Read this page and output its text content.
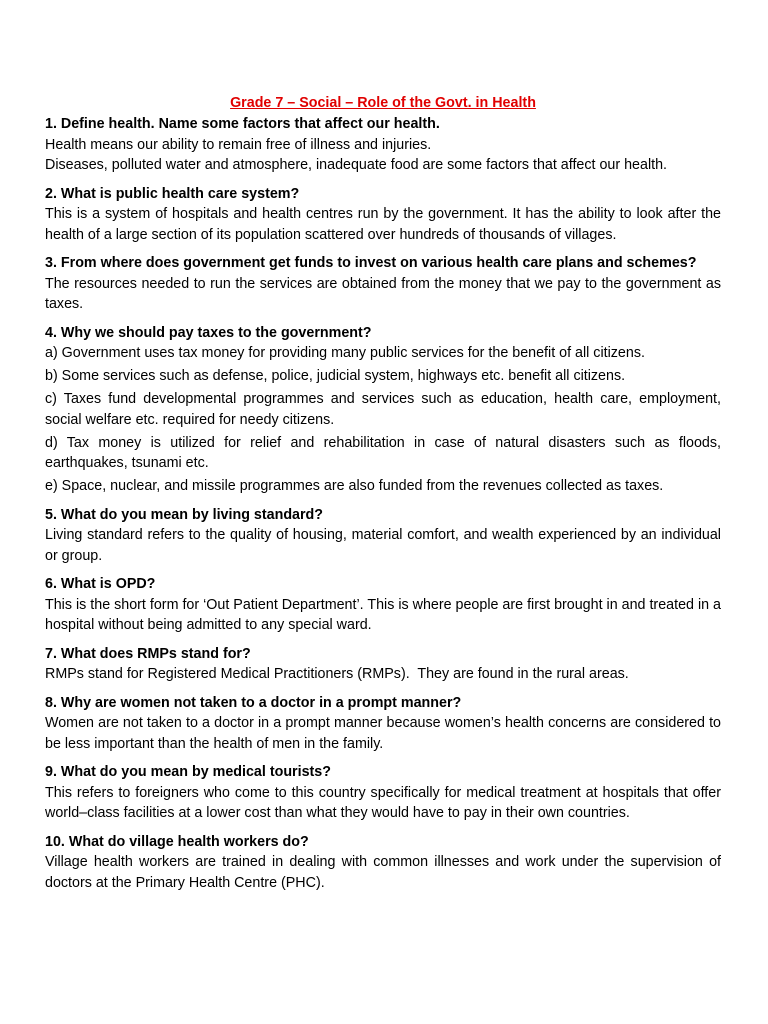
Grade 7 – Social – Role of the Govt. in Health

1. Define health. Name some factors that affect our health.

Health means our ability to remain free of illness and injuries.

Diseases, polluted water and atmosphere, inadequate food are some factors that affect our health.

2. What is public health care system?

This is a system of hospitals and health centres run by the government. It has the ability to look after the health of a large section of its population scattered over hundreds of thousands of villages.

3. From where does government get funds to invest on various health care plans and schemes?

The resources needed to run the services are obtained from the money that we pay to the government as taxes.

4. Why we should pay taxes to the government?

a) Government uses tax money for providing many public services for the benefit of all citizens.

b) Some services such as defense, police, judicial system, highways etc. benefit all citizens.

c) Taxes fund developmental programmes and services such as education, health care, employment, social welfare etc. required for needy citizens.

d) Tax money is utilized for relief and rehabilitation in case of natural disasters such as floods, earthquakes, tsunami etc.

e) Space, nuclear, and missile programmes are also funded from the revenues collected as taxes.

5. What do you mean by living standard?

Living standard refers to the quality of housing, material comfort, and wealth experienced by an individual or group.

6. What is OPD?

This is the short form for ‘Out Patient Department’. This is where people are first brought in and treated in a hospital without being admitted to any special ward.

7. What does RMPs stand for?

RMPs stand for Registered Medical Practitioners (RMPs).  They are found in the rural areas.

8. Why are women not taken to a doctor in a prompt manner?

Women are not taken to a doctor in a prompt manner because women’s health concerns are considered to be less important than the health of men in the family.

9. What do you mean by medical tourists?

This refers to foreigners who come to this country specifically for medical treatment at hospitals that offer world–class facilities at a lower cost than what they would have to pay in their own countries.

10. What do village health workers do?

Village health workers are trained in dealing with common illnesses and work under the supervision of doctors at the Primary Health Centre (PHC).
